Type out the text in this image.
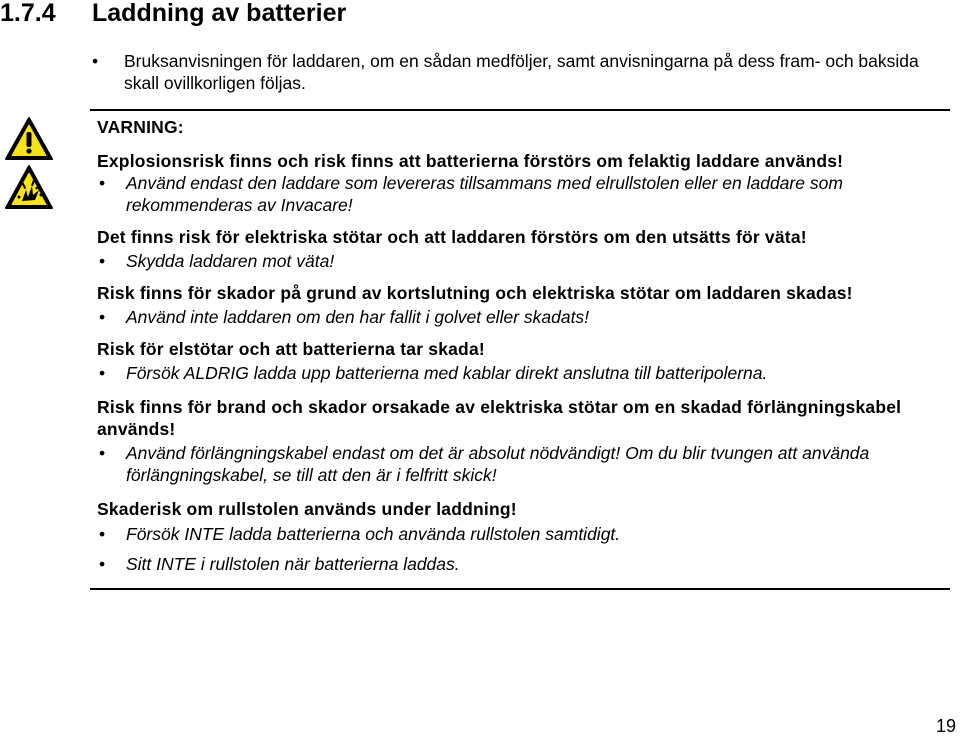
1.7.4 Laddning av batterier
• Bruksanvisningen för laddaren, om en sådan medföljer, samt anvisningarna på dess fram- och baksida skall ovillkorligen följas.
VARNING:
Explosionsrisk finns och risk finns att batterierna förstörs om felaktig laddare används!
• Använd endast den laddare som levereras tillsammans med elrullstolen eller en laddare som rekommenderas av Invacare!
Det finns risk för elektriska stötar och att laddaren förstörs om den utsätts för väta!
• Skydda laddaren mot väta!
Risk finns för skador på grund av kortslutning och elektriska stötar om laddaren skadas!
• Använd inte laddaren om den har fallit i golvet eller skadats!
Risk för elstötar och att batterierna tar skada!
• Försök ALDRIG ladda upp batterierna med kablar direkt anslutna till batteripolerna.
Risk finns för brand och skador orsakade av elektriska stötar om en skadad förlängningskabel används!
• Använd förlängningskabel endast om det är absolut nödvändigt! Om du blir tvungen att använda förlängningskabel, se till att den är i felfritt skick!
Skaderisk om rullstolen används under laddning!
• Försök INTE ladda batterierna och använda rullstolen samtidigt.
• Sitt INTE i rullstolen när batterierna laddas.
19
